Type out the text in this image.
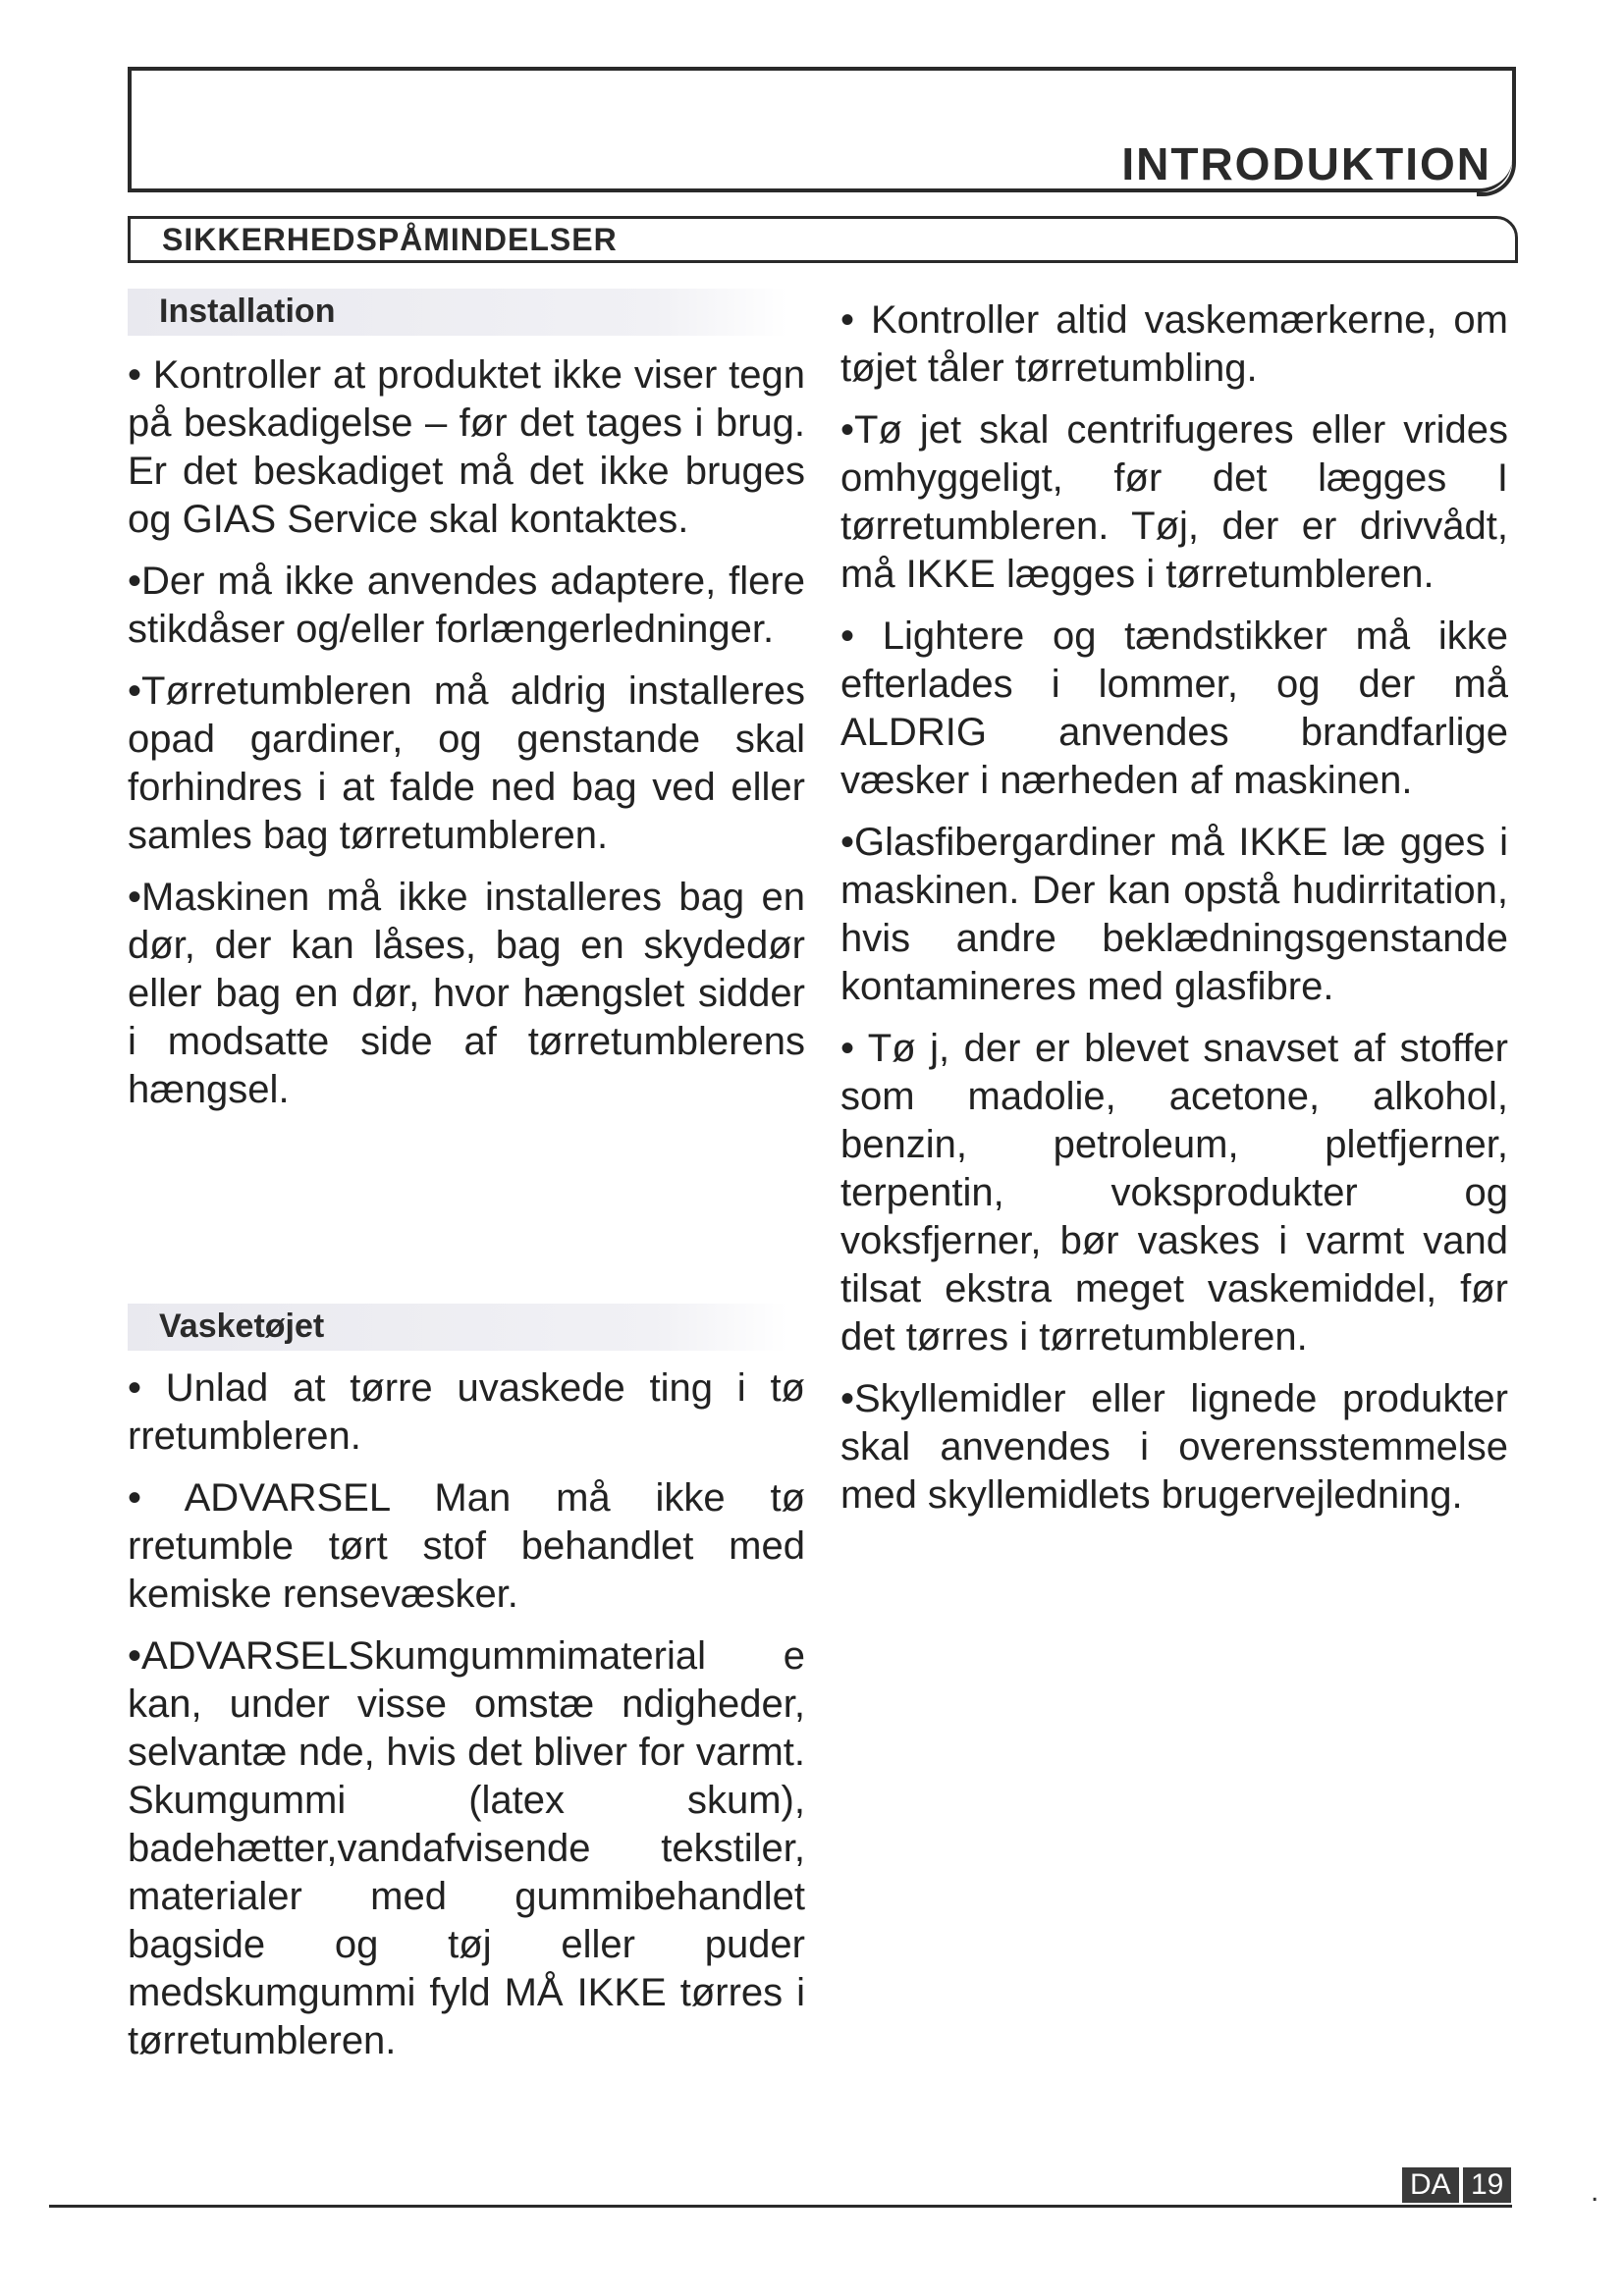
INTRODUKTION
SIKKERHEDSPÅMINDELSER
Installation

• Kontroller at produktet ikke viser tegn på beskadigelse – før det tages i brug. Er det beskadiget må det ikke bruges og GIAS Service skal kontaktes.

•Der må ikke anvendes adaptere, flere stikdåser og/eller forlængerledninger.

•Tørretumbleren må aldrig installeres opad gardiner, og genstande skal forhindres i at falde ned bag ved eller samles bag tørretumbleren.

•Maskinen må ikke installeres bag en dør, der kan låses, bag en skydedør eller bag en dør, hvor hængslet sidder i modsatte side af tørretumblerens hængsel.

Vasketøjet

• Unlad at tørre uvaskede ting i tø rretumbleren.

• ADVARSEL Man må ikke tø rretumble tørt stof behandlet med kemiske rensevæsker.

•ADVARSELSkumgummimaterial e kan, under visse omstæ ndigheder, selvantæ nde, hvis det bliver for varmt. Skumgummi (latex skum), badehætter,vandafvisende tekstiler, materialer med gummibehandlet bagside og tøj eller puder medskumgummi fyld MÅ IKKE tørres i tørretumbleren.

• Kontroller altid vaskemærkerne, om tøjet tåler tørretumbling.

•Tø jet skal centrifugeres eller vrides omhyggeligt, før det lægges I tørretumbleren. Tøj, der er drivvådt, må IKKE lægges i tørretumbleren.

• Lightere og tændstikker må ikke efterlades i lommer, og der må ALDRIG anvendes brandfarlige væsker i nærheden af maskinen.

•Glasfibergardiner må IKKE læ gges i maskinen. Der kan opstå hudirritation, hvis andre beklædningsgenstande kontamineres med glasfibre.

• Tø j, der er blevet snavset af stoffer som madolie, acetone, alkohol, benzin, petroleum, pletfjerner, terpentin, voksprodukter og voksfjerner, bør vaskes i varmt vand tilsat ekstra meget vaskemiddel, før det tørres i tørretumbleren.

•Skyllemidler eller lignede produkter skal anvendes i overensstemmelse med skyllemidlets brugervejledning.

DA 19	.
